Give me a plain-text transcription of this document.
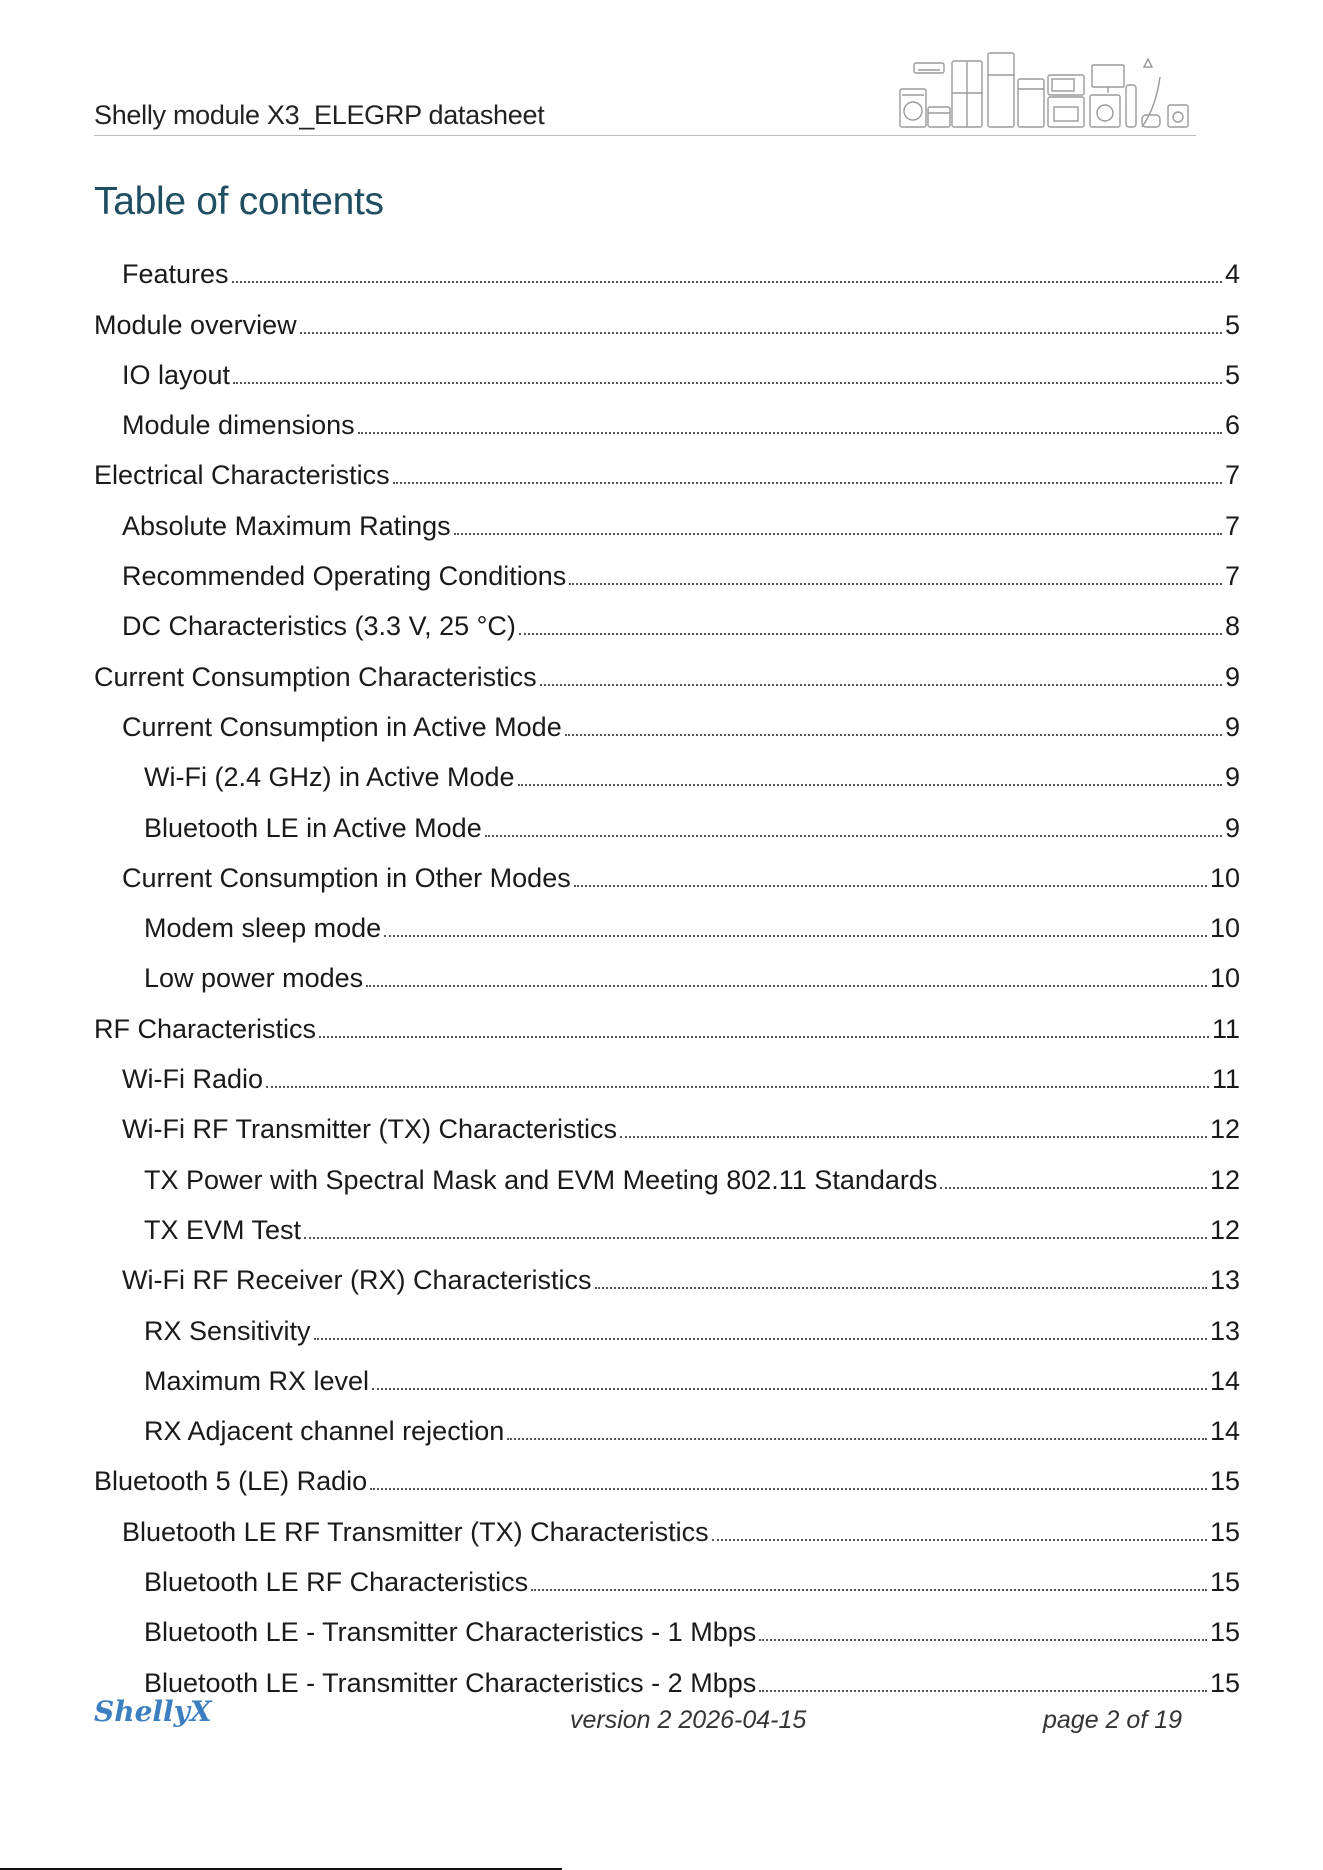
Shelly module X3_ELEGRP datasheet
Table of contents
Features	4
Module overview	5
IO layout	5
Module dimensions	6
Electrical Characteristics	7
Absolute Maximum Ratings	7
Recommended Operating Conditions	7
DC Characteristics (3.3 V, 25 °C)	8
Current Consumption Characteristics	9
Current Consumption in Active Mode	9
Wi-Fi (2.4 GHz) in Active Mode	9
Bluetooth LE in Active Mode	9
Current Consumption in Other Modes	10
Modem sleep mode	10
Low power modes	10
RF Characteristics	11
Wi-Fi Radio	11
Wi-Fi RF Transmitter (TX) Characteristics	12
TX Power with Spectral Mask and EVM Meeting 802.11 Standards	12
TX EVM Test	12
Wi-Fi RF Receiver (RX) Characteristics	13
RX Sensitivity	13
Maximum RX level	14
RX Adjacent channel rejection	14
Bluetooth 5 (LE) Radio	15
Bluetooth LE RF Transmitter (TX) Characteristics	15
Bluetooth LE RF Characteristics	15
Bluetooth LE - Transmitter Characteristics - 1 Mbps	15
Bluetooth LE - Transmitter Characteristics - 2 Mbps	15
ShellyX	version 2 2026-04-15	page 2 of 19
